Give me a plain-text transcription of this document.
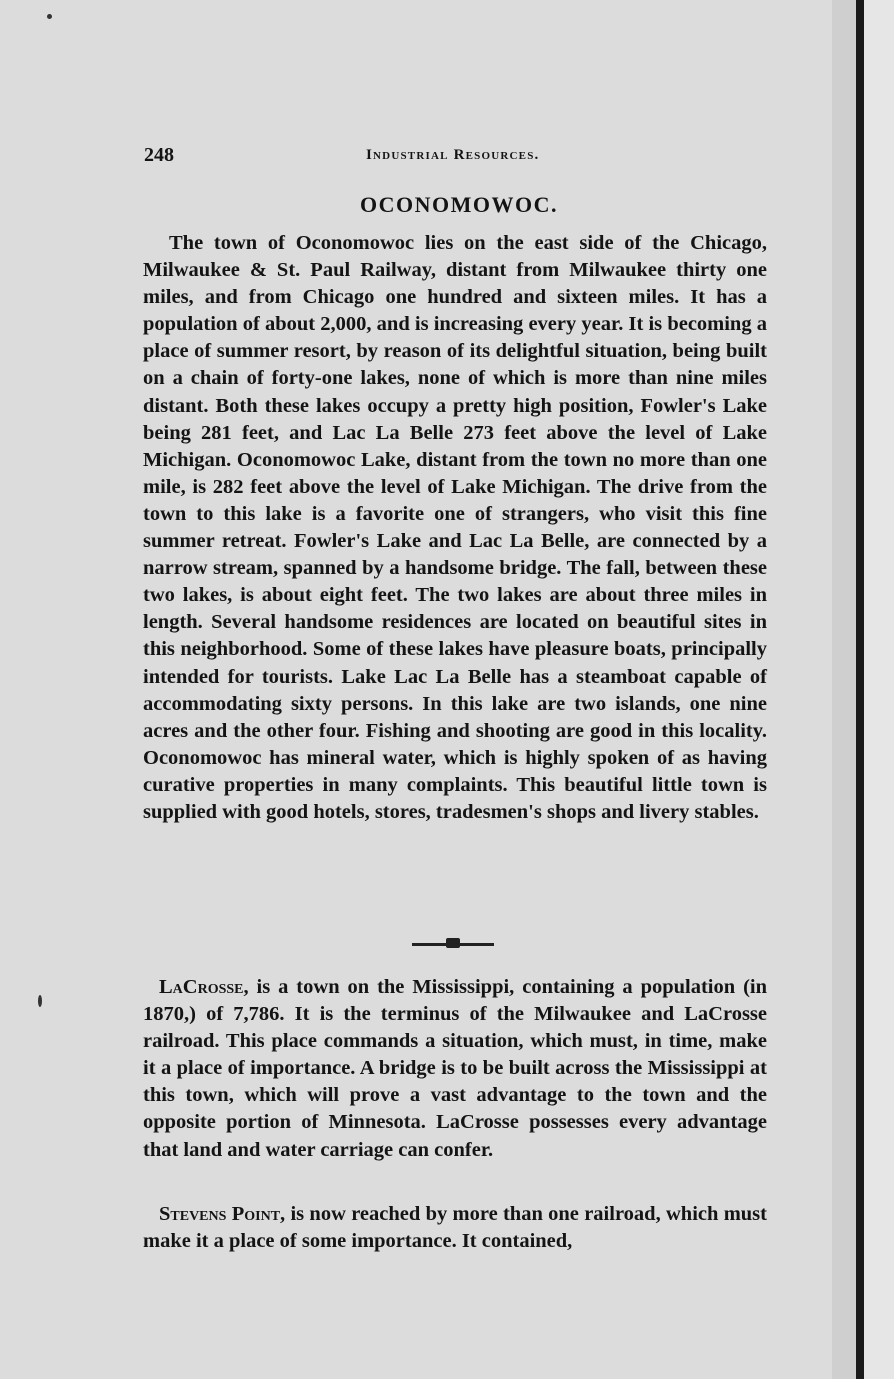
248	Industrial Resources.
OCONOMOWOC.
The town of Oconomowoc lies on the east side of the Chicago, Milwaukee & St. Paul Railway, distant from Milwaukee thirty one miles, and from Chicago one hundred and sixteen miles. It has a population of about 2,000, and is increasing every year. It is becoming a place of summer resort, by reason of its delightful situation, being built on a chain of forty-one lakes, none of which is more than nine miles distant. Both these lakes occupy a pretty high position, Fowler's Lake being 281 feet, and Lac La Belle 273 feet above the level of Lake Michigan. Oconomowoc Lake, distant from the town no more than one mile, is 282 feet above the level of Lake Michigan. The drive from the town to this lake is a favorite one of strangers, who visit this fine summer retreat. Fowler's Lake and Lac La Belle, are connected by a narrow stream, spanned by a handsome bridge. The fall, between these two lakes, is about eight feet. The two lakes are about three miles in length. Several handsome residences are located on beautiful sites in this neighborhood. Some of these lakes have pleasure boats, principally intended for tourists. Lake Lac La Belle has a steamboat capable of accommodating sixty persons. In this lake are two islands, one nine acres and the other four. Fishing and shooting are good in this locality. Oconomowoc has mineral water, which is highly spoken of as having curative properties in many complaints. This beautiful little town is supplied with good hotels, stores, tradesmen's shops and livery stables.
LaCrosse, is a town on the Mississippi, containing a population (in 1870,) of 7,786. It is the terminus of the Milwaukee and LaCrosse railroad. This place commands a situation, which must, in time, make it a place of importance. A bridge is to be built across the Mississippi at this town, which will prove a vast advantage to the town and the opposite portion of Minnesota. LaCrosse possesses every advantage that land and water carriage can confer.
Stevens Point, is now reached by more than one railroad, which must make it a place of some importance. It contained,
